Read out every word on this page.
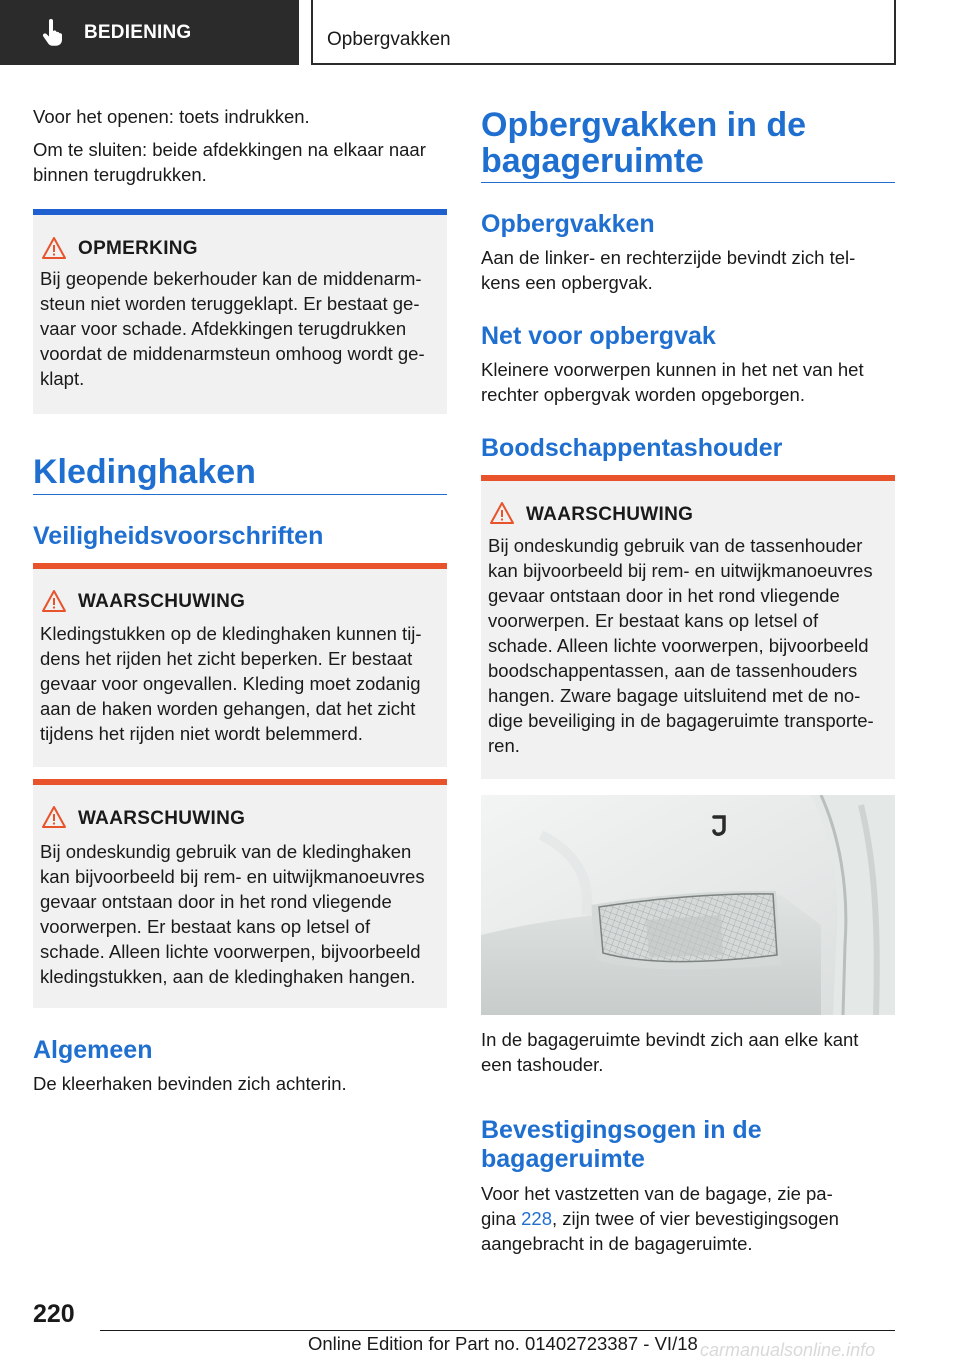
BEDIENING	Opbergvakken
Voor het openen: toets indrukken.
Om te sluiten: beide afdekkingen na elkaar naar
binnen terugdrukken.
OPMERKING
Bij geopende bekerhouder kan de middenarm-
steun niet worden teruggeklapt. Er bestaat ge-
vaar voor schade. Afdekkingen terugdrukken
voordat de middenarmsteun omhoog wordt ge-
klapt.
Kledinghaken
Veiligheidsvoorschriften
WAARSCHUWING
Kledingstukken op de kledinghaken kunnen tij-
dens het rijden het zicht beperken. Er bestaat
gevaar voor ongevallen. Kleding moet zodanig
aan de haken worden gehangen, dat het zicht
tijdens het rijden niet wordt belemmerd.
WAARSCHUWING
Bij ondeskundig gebruik van de kledinghaken
kan bijvoorbeeld bij rem- en uitwijkmanoeuvres
gevaar ontstaan door in het rond vliegende
voorwerpen. Er bestaat kans op letsel of
schade. Alleen lichte voorwerpen, bijvoorbeeld
kledingstukken, aan de kledinghaken hangen.
Algemeen
De kleerhaken bevinden zich achterin.
Opbergvakken in de
bagageruimte
Opbergvakken
Aan de linker- en rechterzijde bevindt zich tel-
kens een opbergvak.
Net voor opbergvak
Kleinere voorwerpen kunnen in het net van het
rechter opbergvak worden opgeborgen.
Boodschappentashouder
WAARSCHUWING
Bij ondeskundig gebruik van de tassenhouder
kan bijvoorbeeld bij rem- en uitwijkmanoeuvres
gevaar ontstaan door in het rond vliegende
voorwerpen. Er bestaat kans op letsel of
schade. Alleen lichte voorwerpen, bijvoorbeeld
boodschappentassen, aan de tassenhouders
hangen. Zware bagage uitsluitend met de no-
dige beveiliging in de bagageruimte transporte-
ren.
In de bagageruimte bevindt zich aan elke kant
een tashouder.
Bevestigingsogen in de
bagageruimte
Voor het vastzetten van de bagage, zie pa-
gina 228, zijn twee of vier bevestigingsogen
aangebracht in de bagageruimte.
220
Online Edition for Part no. 01402723387 - VI/18 carmanualsonline.info
